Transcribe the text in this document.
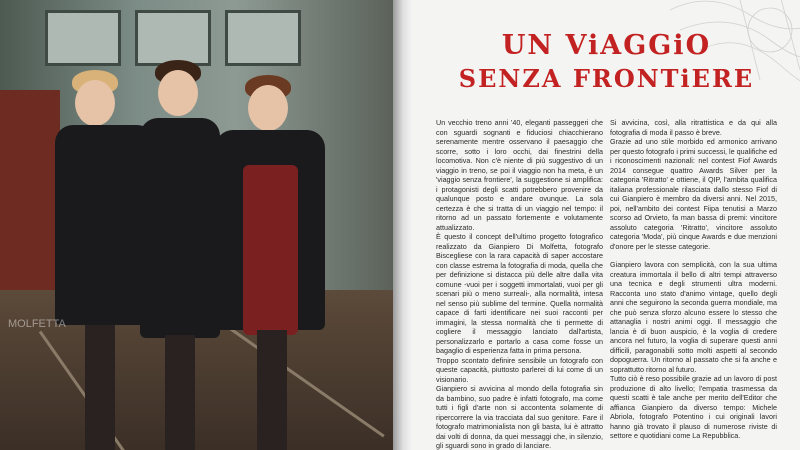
MOLFETTA
UN ViAGGiO
SENZA FRONTiERE

Un vecchio treno anni '40, eleganti passeggeri che con sguardi sognanti e fiduciosi chiacchierano serenamente mentre osservano il paesaggio che scorre, sotto i loro occhi, dai finestrini della locomotiva. Non c'è niente di più suggestivo di un viaggio in treno, se poi il viaggio non ha meta, è un 'viaggio senza frontiere', la suggestione si amplifica: i protagonisti degli scatti potrebbero provenire da qualunque posto e andare ovunque. La sola certezza è che si tratta di un viaggio nel tempo: il ritorno ad un passato fortemente e volutamente attualizzato.

È questo il concept dell'ultimo progetto fotografico realizzato da Gianpiero Di Molfetta, fotografo Biscegliese con la rara capacità di saper accostare con classe estrema la fotografia di moda, quella che per definizione si distacca più delle altre dalla vita comune -vuoi per i soggetti immortalati, vuoi per gli scenari più o meno surreali-, alla normalità, intesa nel senso più sublime del termine. Quella normalità capace di farti identificare nei suoi racconti per immagini, la stessa normalità che ti permette di cogliere il messaggio lanciato dall'artista, personalizzarlo e portarlo a casa come fosse un bagaglio di esperienza fatta in prima persona.

Troppo scontato definire sensibile un fotografo con queste capacità, piuttosto parlerei di lui come di un visionario.

Gianpiero si avvicina al mondo della fotografia sin da bambino, suo padre è infatti fotografo, ma come tutti i figli d'arte non si accontenta solamente di ripercorrere la via tracciata dal suo genitore. Fare il fotografo matrimonialista non gli basta, lui è attratto dai volti di donna, da quei messaggi che, in silenzio, gli sguardi sono in grado di lanciare.

Si avvicina, così, alla ritrattistica e da qui alla fotografia di moda il passo è breve.

Grazie ad uno stile morbido ed armonico arrivano per questo fotografo i primi successi, le qualifiche ed i riconoscimenti nazionali: nel contest Fiof Awards 2014 consegue quattro Awards Silver per la categoria 'Ritratto' e ottiene, il QIP, l'ambita qualifica italiana professionale rilasciata dallo stesso Fiof di cui Gianpiero è membro da diversi anni. Nel 2015, poi, nell'ambito dei contest Fiipa tenutisi a Marzo scorso ad Orvieto, fa man bassa di premi: vincitore assoluto categoria 'Ritratto', vincitore assoluto categoria 'Moda', più cinque Awards e due menzioni d'onore per le stesse categorie.

Gianpiero lavora con semplicità, con la sua ultima creatura immortala il bello di altri tempi attraverso una tecnica e degli strumenti ultra moderni. Racconta uno stato d'animo vintage, quello degli anni che seguirono la seconda guerra mondiale, ma che può senza sforzo alcuno essere lo stesso che attanaglia i nostri animi oggi. Il messaggio che lancia è di buon auspicio, è la voglia di credere ancora nel futuro, la voglia di superare questi anni difficili, paragonabili sotto molti aspetti al secondo dopoguerra. Un ritorno al passato che si fa anche e soprattutto ritorno al futuro.

Tutto ciò è reso possibile grazie ad un lavoro di post produzione di alto livello; l'empatia trasmessa da questi scatti è tale anche per merito dell'Editor che affianca Gianpiero da diverso tempo: Michele Abriola, fotografo Potentino i cui originali lavori hanno già trovato il plauso di numerose riviste di settore e quotidiani come La Repubblica.
